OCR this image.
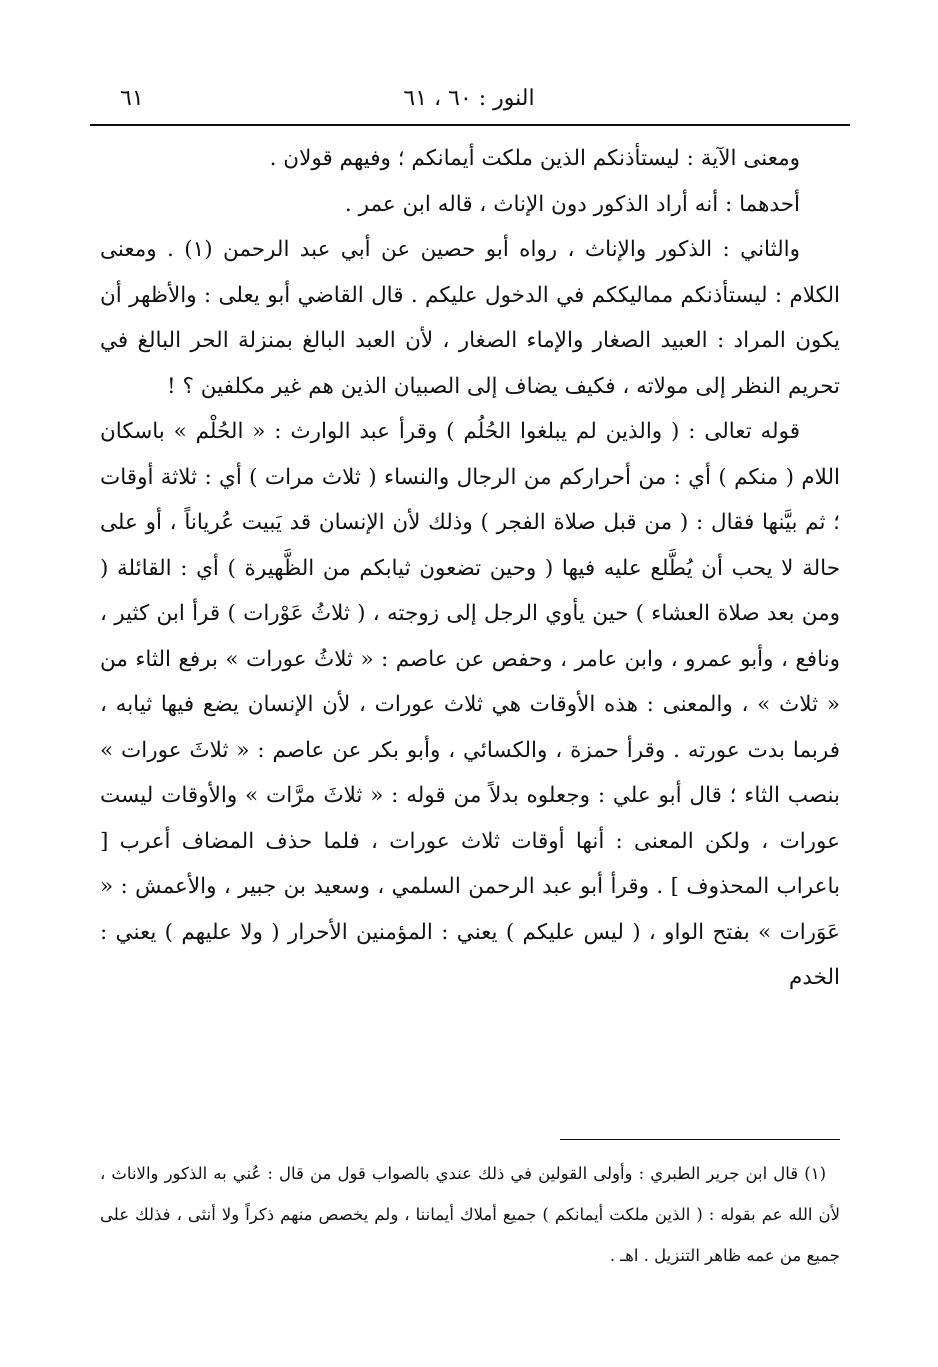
٦١	النور : ٦٠ ، ٦١

ومعنى الآية : ليستأذنكم الذين ملكت أيمانكم ؛ وفيهم قولان .

أحدهما : أنه أراد الذكور دون الإناث ، قاله ابن عمر .

والثاني : الذكور والإناث ، رواه أبو حصين عن أبي عبد الرحمن (١) . ومعنى الكلام : ليستأذنكم مماليككم في الدخول عليكم . قال القاضي أبو يعلى : والأظهر أن يكون المراد : العبيد الصغار والإماء الصغار ، لأن العبد البالغ بمنزلة الحر البالغ في تحريم النظر إلى مولاته ، فكيف يضاف إلى الصبيان الذين هم غير مكلفين ؟ !

قوله تعالى : ( والذين لم يبلغوا الحُلُم ) وقرأ عبد الوارث : « الحُلْم » باسكان اللام ( منكم ) أي : من أحراركم من الرجال والنساء ( ثلاث مرات ) أي : ثلاثة أوقات ؛ ثم بيَّنها فقال : ( من قبل صلاة الفجر ) وذلك لأن الإنسان قد يَبيت عُرياناً ، أو على حالة لا يحب أن يُطَّلع عليه فيها ( وحين تضعون ثيابكم من الظَّهيرة ) أي : القائلة ( ومن بعد صلاة العشاء ) حين يأوي الرجل إلى زوجته ، ( ثلاثُ عَوْرات ) قرأ ابن كثير ، ونافع ، وأبو عمرو ، وابن عامر ، وحفص عن عاصم : « ثلاثُ عورات » برفع الثاء من « ثلاث » ، والمعنى : هذه الأوقات هي ثلاث عورات ، لأن الإنسان يضع فيها ثيابه ، فربما بدت عورته . وقرأ حمزة ، والكسائي ، وأبو بكر عن عاصم : « ثلاثَ عورات » بنصب الثاء ؛ قال أبو علي : وجعلوه بدلاً من قوله : « ثلاثَ مرَّات » والأوقات ليست عورات ، ولكن المعنى : أنها أوقات ثلاث عورات ، فلما حذف المضاف أعرب [ باعراب المحذوف ] . وقرأ أبو عبد الرحمن السلمي ، وسعيد بن جبير ، والأعمش : « عَوَرات » بفتح الواو ، ( ليس عليكم ) يعني : المؤمنين الأحرار ( ولا عليهم ) يعني : الخدم

(١) قال ابن جرير الطبري : وأولى القولين في ذلك عندي بالصواب قول من قال : عُني به الذكور والاناث ، لأن الله عم بقوله : ( الذين ملكت أيمانكم ) جميع أملاك أيماننا ، ولم يخصص منهم ذكراً ولا أنثى ، فذلك على جميع من عمه ظاهر التنزيل . اهـ .
